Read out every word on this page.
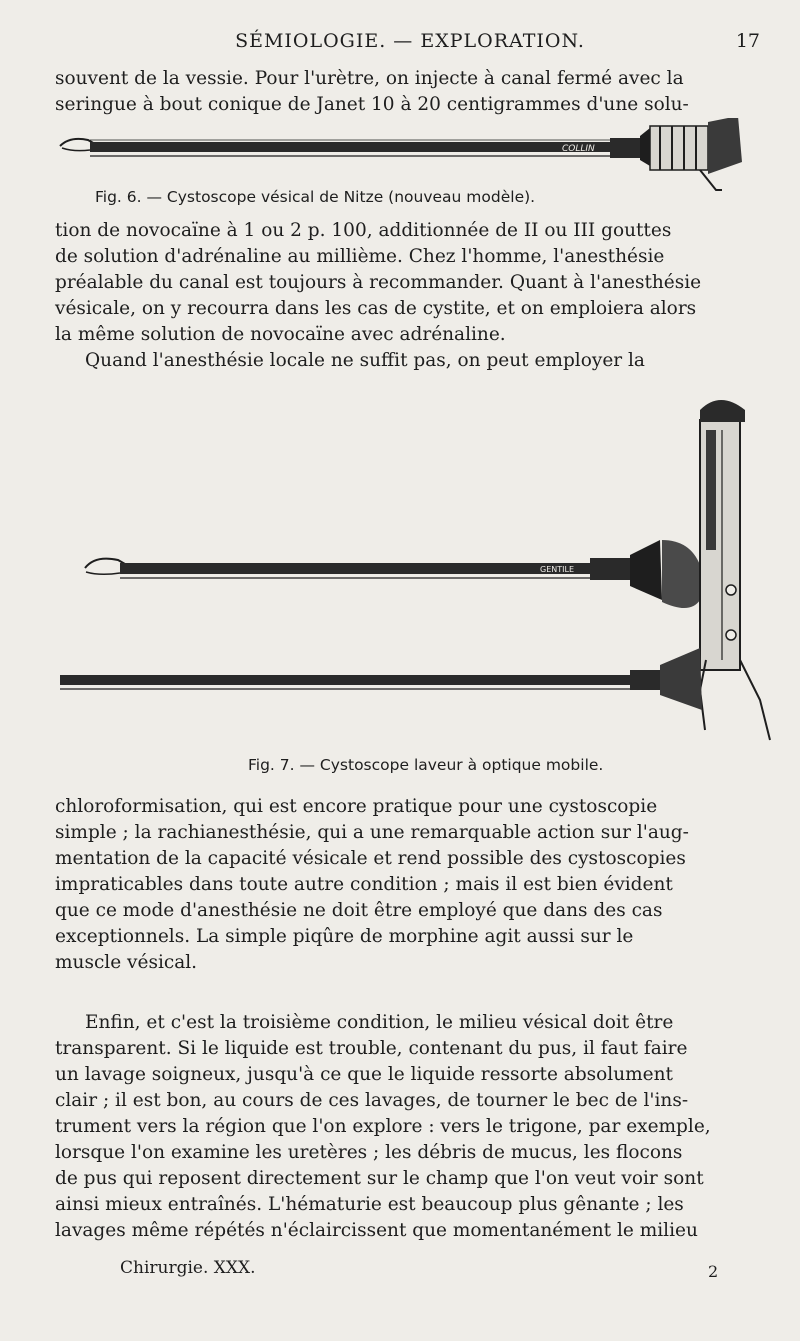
SÉMIOLOGIE. — EXPLORATION.	17

souvent de la vessie. Pour l'urètre, on injecte à canal fermé avec la
seringue à bout conique de Janet 10 à 20 centigrammes d'une solu-

COLLIN
Fig. 6. — Cystoscope vésical de Nitze (nouveau modèle).

tion de novocaïne à 1 ou 2 p. 100, additionnée de II ou III gouttes
de solution d'adrénaline au millième. Chez l'homme, l'anesthésie
préalable du canal est toujours à recommander. Quant à l'anesthésie
vésicale, on y recourra dans les cas de cystite, et on emploiera alors
la même solution de novocaïne avec adrénaline.
Quand l'anesthésie locale ne suffit pas, on peut employer la

GENTILE
Fig. 7. — Cystoscope laveur à optique mobile.

chloroformisation, qui est encore pratique pour une cystoscopie
simple ; la rachianesthésie, qui a une remarquable action sur l'aug-
mentation de la capacité vésicale et rend possible des cystoscopies
impraticables dans toute autre condition ; mais il est bien évident
que ce mode d'anesthésie ne doit être employé que dans des cas
exceptionnels. La simple piqûre de morphine agit aussi sur le
muscle vésical.

Enfin, et c'est la troisième condition, le milieu vésical doit être
transparent. Si le liquide est trouble, contenant du pus, il faut faire
un lavage soigneux, jusqu'à ce que le liquide ressorte absolument
clair ; il est bon, au cours de ces lavages, de tourner le bec de l'ins-
trument vers la région que l'on explore : vers le trigone, par exemple,
lorsque l'on examine les uretères ; les débris de mucus, les flocons
de pus qui reposent directement sur le champ que l'on veut voir sont
ainsi mieux entraînés. L'hématurie est beaucoup plus gênante ; les
lavages même répétés n'éclaircissent que momentanément le milieu

Chirurgie. XXX.	2
